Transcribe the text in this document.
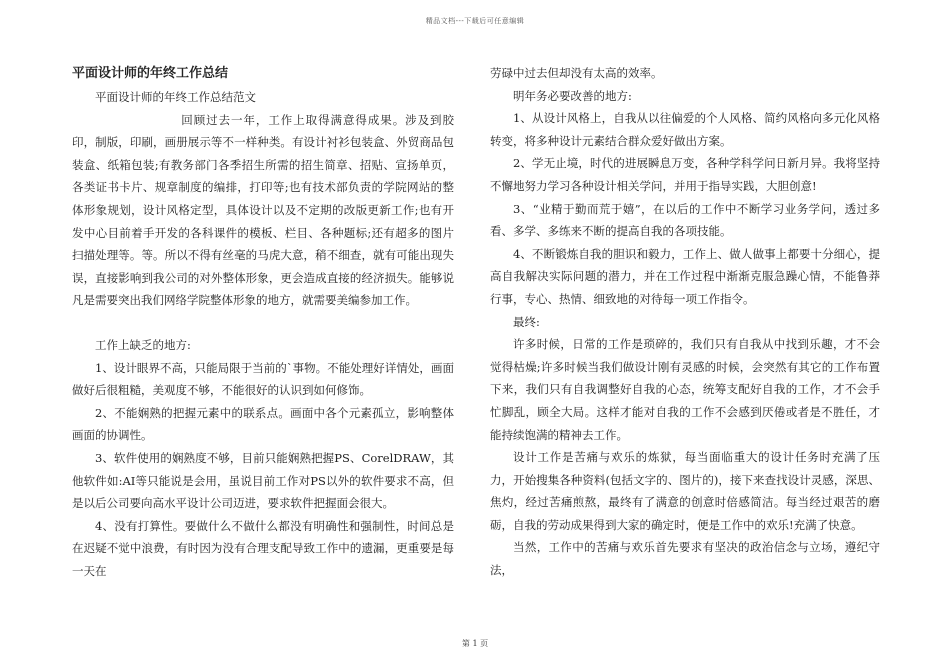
精品文档---下载后可任意编辑

平面设计师的年终工作总结

平面设计师的年终工作总结范文

回顾过去一年，工作上取得满意得成果。涉及到胶印，制版，印刷，画册展示等不一样种类。有设计衬衫包装盒、外贸商品包装盒、纸箱包装;有教务部门各季招生所需的招生简章、招贴、宣扬单页，各类证书卡片、规章制度的编排，打印等;也有技术部负责的学院网站的整体形象规划，设计风格定型，具体设计以及不定期的改版更新工作;也有开发中心目前着手开发的各科课件的模板、栏目、各种题标;还有超多的图片扫描处理等。等。所以不得有丝毫的马虎大意，稍不细查，就有可能出现失误，直接影响到我公司的对外整体形象，更会造成直接的经济损失。能够说凡是需要突出我们网络学院整体形象的地方，就需要美编参加工作。

工作上缺乏的地方:

1、设计眼界不高，只能局限于当前的`事物。不能处理好详情处，画面做好后很粗糙，美观度不够，不能很好的认识到如何修饰。

2、不能娴熟的把握元素中的联系点。画面中各个元素孤立，影响整体画面的协调性。

3、软件使用的娴熟度不够，目前只能娴熟把握PS、CorelDRAW，其他软件如:AI等只能说是会用，虽说目前工作对PS以外的软件要求不高，但是以后公司要向高水平设计公司迈进，要求软件把握面会很大。

4、没有打算性。要做什么不做什么都没有明确性和强制性，时间总是在迟疑不觉中浪费，有时因为没有合理支配导致工作中的遗漏，更重要是每一天在

劳碌中过去但却没有太高的效率。

明年务必要改善的地方:

1、从设计风格上，自我从以往偏爱的个人风格、简约风格向多元化风格转变，将多种设计元素结合群众爱好做出方案。

2、学无止境，时代的进展瞬息万变，各种学科学问日新月异。我将坚持不懈地努力学习各种设计相关学问，并用于指导实践，大胆创意!

3、“业精于勤而荒于嬉”，在以后的工作中不断学习业务学问，透过多看、多学、多练来不断的提高自我的各项技能。

4、不断锻炼自我的胆识和毅力，工作上、做人做事上都要十分细心，提高自我解决实际问题的潜力，并在工作过程中渐渐克服急躁心情，不能鲁莽行事，专心、热情、细致地的对待每一项工作指令。

最终:

许多时候，日常的工作是琐碎的，我们只有自我从中找到乐趣，才不会觉得枯燥;许多时候当我们做设计刚有灵感的时候，会突然有其它的工作布置下来，我们只有自我调整好自我的心态，统筹支配好自我的工作，才不会手忙脚乱，顾全大局。这样才能对自我的工作不会感到厌倦或者是不胜任，才能持续饱满的精神去工作。

设计工作是苦痛与欢乐的炼狱，每当面临重大的设计任务时充满了压力，开始搜集各种资料(包括文字的、图片的)，接下来查找设计灵感，深思、焦灼，经过苦痛煎熬，最终有了满意的创意时倍感简洁。每当经过艰苦的磨砺，自我的劳动成果得到大家的确定时，便是工作中的欢乐!充满了快意。

当然，工作中的苦痛与欢乐首先要求有坚决的政治信念与立场，遵纪守法，

第 1 页
